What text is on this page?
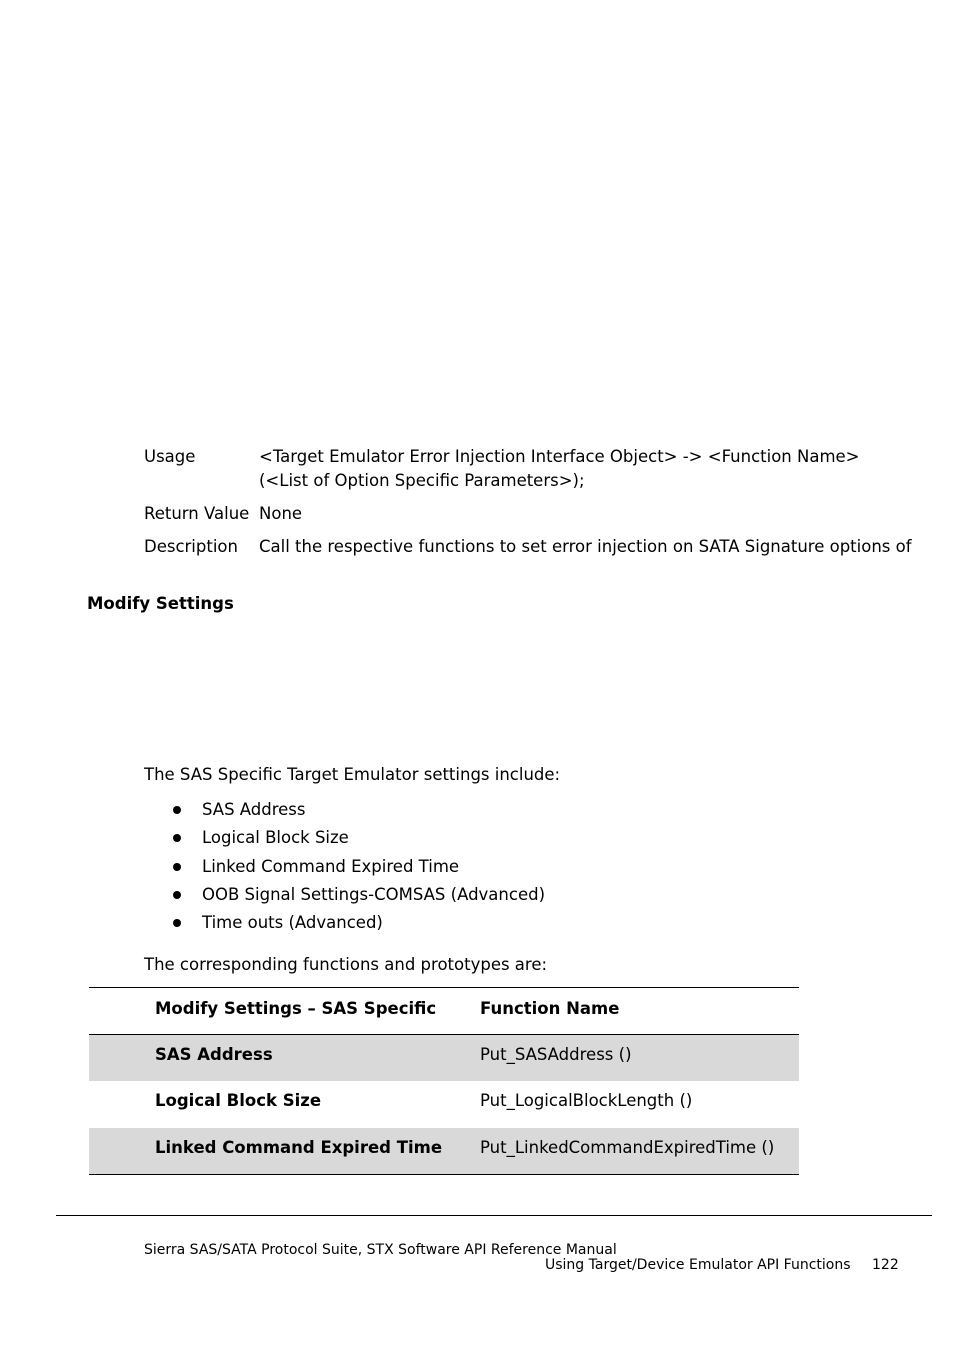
Usage	<Target Emulator Error Injection Interface Object> -> <Function Name>
(<List of Option Specific Parameters>);
Return Value None
Description Call the respective functions to set error injection on SATA Signature options of
Modify Settings
The SAS Specific Target Emulator settings include:
SAS Address
Logical Block Size
Linked Command Expired Time
OOB Signal Settings-COMSAS (Advanced)
Time outs (Advanced)
The corresponding functions and prototypes are:
Modify Settings – SAS Specific	Function Name
SAS Address	Put_SASAddress ()
Logical Block Size	Put_LogicalBlockLength ()
Linked Command Expired Time Put_LinkedCommandExpiredTime ()
Sierra SAS/SATA Protocol Suite, STX Software API Reference Manual
Using Target/Device Emulator API Functions 122
